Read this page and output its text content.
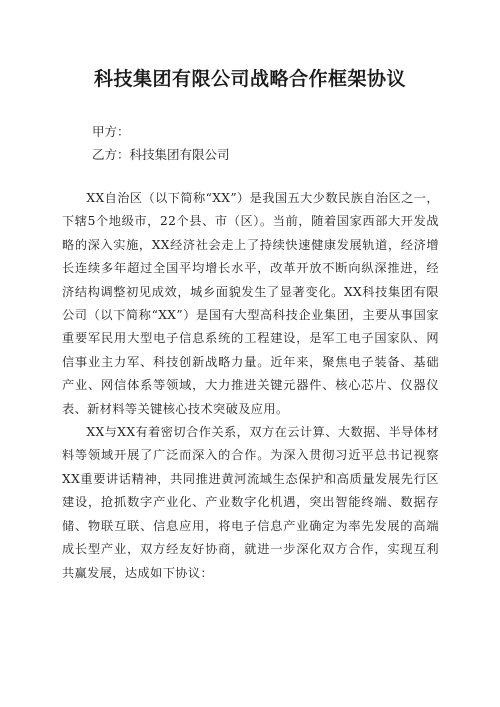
科技集团有限公司战略合作框架协议
甲方：
乙方：科技集团有限公司

XX自治区（以下简称“XX”）是我国五大少数民族自治区之一，下辖5个地级市，22个县、市（区）。当前，随着国家西部大开发战略的深入实施，XX经济社会走上了持续快速健康发展轨道，经济增长连续多年超过全国平均增长水平，改革开放不断向纵深推进，经济结构调整初见成效，城乡面貌发生了显著变化。XX科技集团有限公司（以下简称“XX”）是国有大型高科技企业集团，主要从事国家重要军民用大型电子信息系统的工程建设，是军工电子国家队、网信事业主力军、科技创新战略力量。近年来，聚焦电子装备、基础产业、网信体系等领域，大力推进关键元器件、核心芯片、仪器仪表、新材料等关键核心技术突破及应用。

XX与XX有着密切合作关系，双方在云计算、大数据、半导体材料等领域开展了广泛而深入的合作。为深入贯彻习近平总书记视察XX重要讲话精神，共同推进黄河流域生态保护和高质量发展先行区建设，抢抓数字产业化、产业数字化机遇，突出智能终端、数据存储、物联互联、信息应用，将电子信息产业确定为率先发展的高端成长型产业，双方经友好协商，就进一步深化双方合作，实现互利共赢发展，达成如下协议：
